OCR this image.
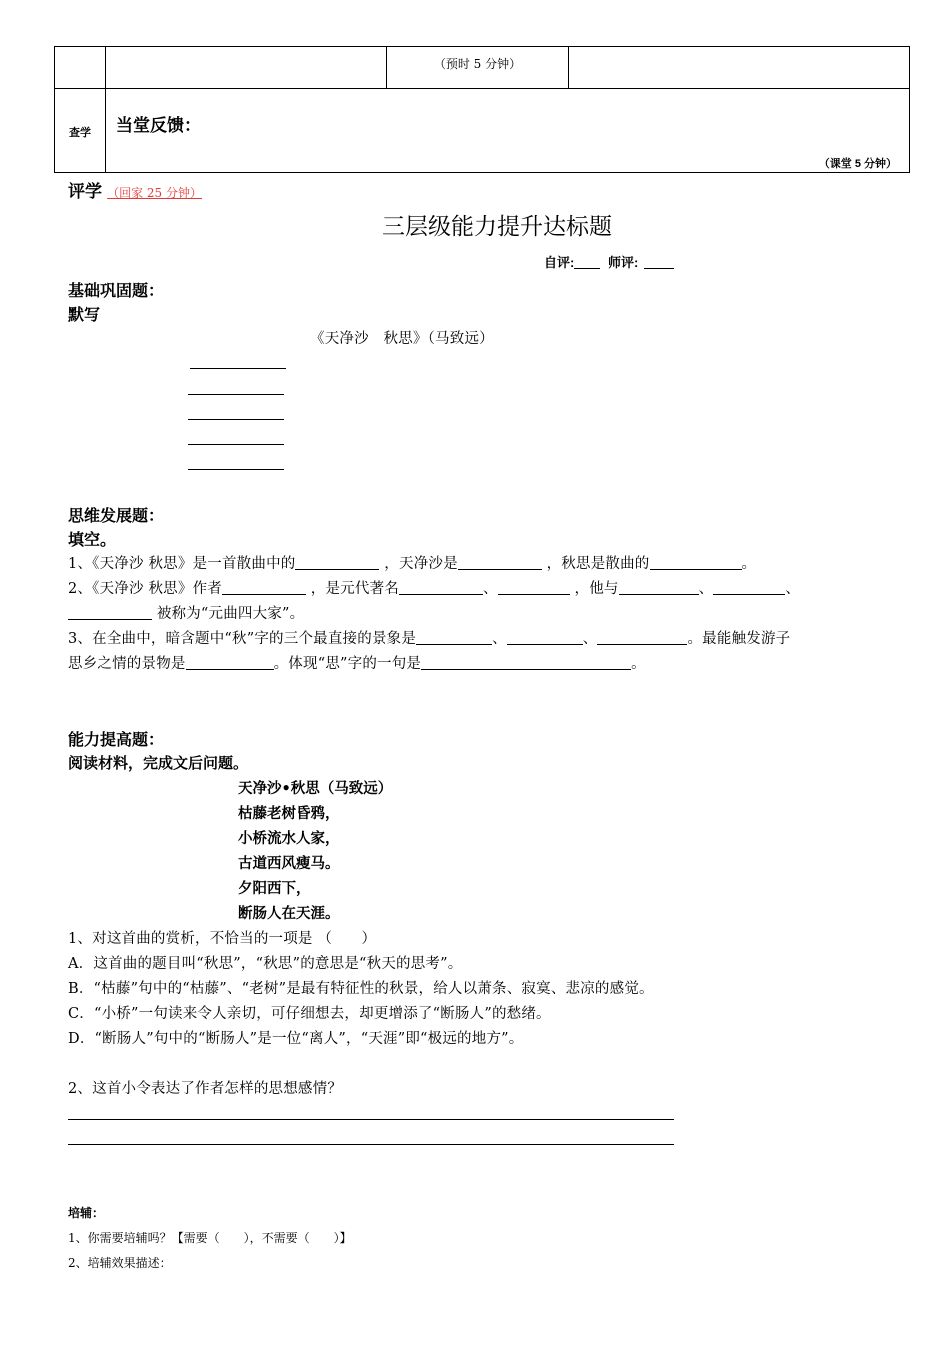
		$_{(预时 5 分钟)}$	
查学	当堂反馈：
（课堂 5 分钟）		
评学 （回家 25 分钟）
三层级能力提升达标题
自评:	师评:
基础巩固题：
默写
《天净沙　秋思》（马致远）
思维发展题：
填空。
1、《天净沙 秋思》是一首散曲中的	，天净沙是	，秋思是散曲的	。
2、《天净沙 秋思》作者	，是元代著名	、	，他与	、	、
被称为“元曲四大家”。
3、在全曲中，暗含题中“秋”字的三个最直接的景象是	、	、	。最能触发游子
思乡之情的景物是	。体现“思”字的一句是	。
能力提高题：
阅读材料，完成文后问题。
天净沙•秋思（马致远）
枯藤老树昏鸦，
小桥流水人家，
古道西风瘦马。
夕阳西下，
断肠人在天涯。
1、对这首曲的赏析，不恰当的一项是 （　　）
A．这首曲的题目叫“秋思”，“秋思”的意思是“秋天的思考”。
B．“枯藤”句中的“枯藤”、“老树”是最有特征性的秋景，给人以萧条、寂寞、悲凉的感觉。
C．“小桥”一句读来令人亲切，可仔细想去，却更增添了“断肠人”的愁绪。
D．“断肠人”句中的“断肠人”是一位“离人”，“天涯”即“极远的地方”。
2、这首小令表达了作者怎样的思想感情？
培辅：
1、你需要培辅吗？【需要（　　），不需要（　　）】
2、培辅效果描述：
